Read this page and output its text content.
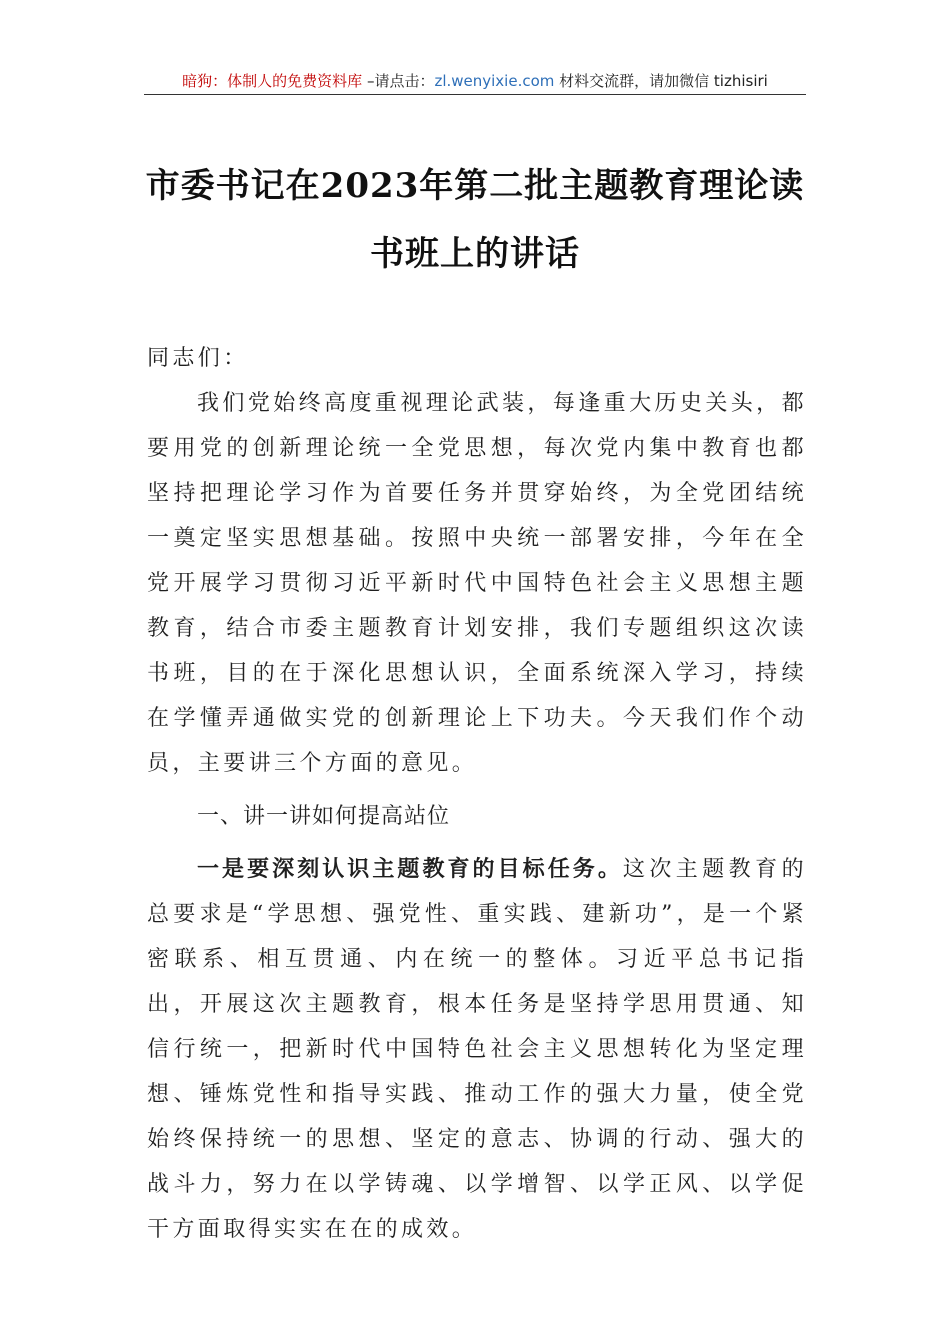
暗狗：体制人的免费资料库 –请点击：zl.wenyixie.com 材料交流群，请加微信 tizhisiri
市委书记在2023年第二批主题教育理论读
书班上的讲话

同志们：

我们党始终高度重视理论武装，每逢重大历史关头，都要用党的创新理论统一全党思想，每次党内集中教育也都坚持把理论学习作为首要任务并贯穿始终，为全党团结统一奠定坚实思想基础。按照中央统一部署安排，今年在全党开展学习贯彻习近平新时代中国特色社会主义思想主题教育，结合市委主题教育计划安排，我们专题组织这次读书班，目的在于深化思想认识，全面系统深入学习，持续在学懂弄通做实党的创新理论上下功夫。今天我们作个动员，主要讲三个方面的意见。

一、讲一讲如何提高站位

一是要深刻认识主题教育的目标任务。这次主题教育的总要求是“学思想、强党性、重实践、建新功”，是一个紧密联系、相互贯通、内在统一的整体。习近平总书记指出，开展这次主题教育，根本任务是坚持学思用贯通、知信行统一，把新时代中国特色社会主义思想转化为坚定理想、锤炼党性和指导实践、推动工作的强大力量，使全党始终保持统一的思想、坚定的意志、协调的行动、强大的战斗力，努力在以学铸魂、以学增智、以学正风、以学促干方面取得实实在在的成效。
